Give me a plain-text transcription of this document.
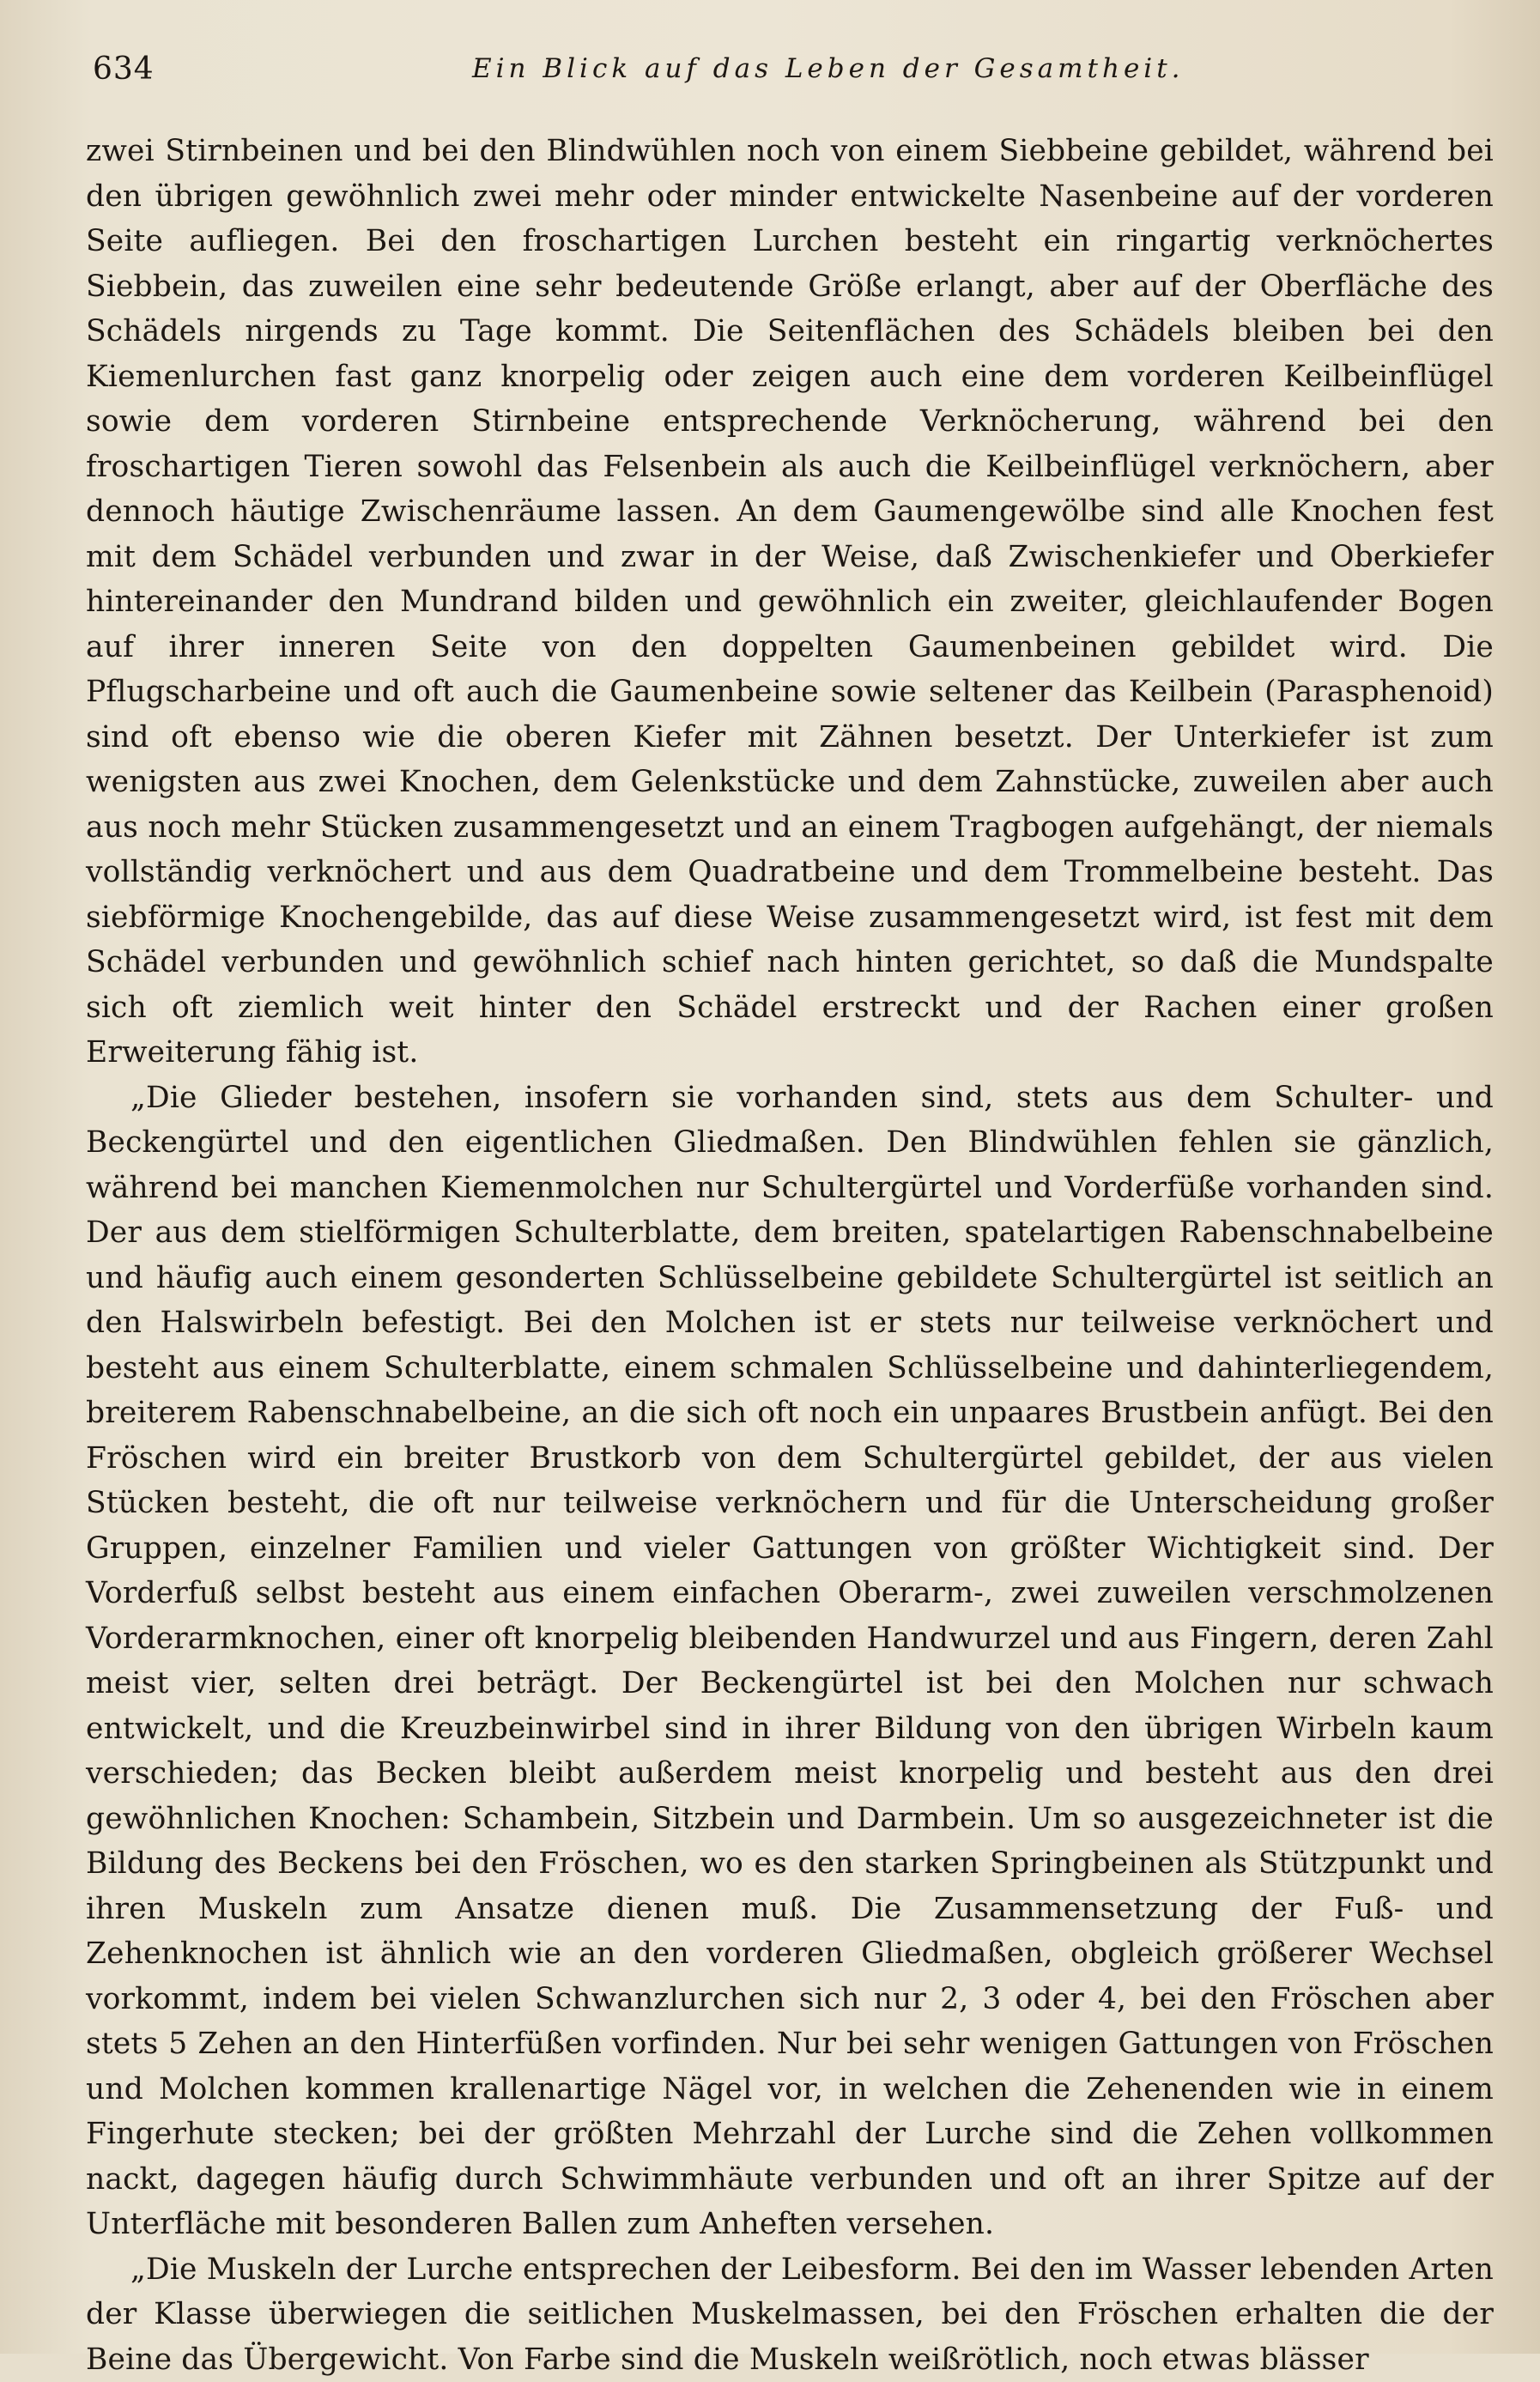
634	Ein Blick auf das Leben der Gesamtheit.

zwei Stirnbeinen und bei den Blindwühlen noch von einem Siebbeine gebildet, während bei den übrigen gewöhnlich zwei mehr oder minder entwickelte Nasenbeine auf der vorderen Seite aufliegen. Bei den froschartigen Lurchen besteht ein ringartig verknöchertes Siebbein, das zuweilen eine sehr bedeutende Größe erlangt, aber auf der Oberfläche des Schädels nirgends zu Tage kommt. Die Seitenflächen des Schädels bleiben bei den Kiemenlurchen fast ganz knorpelig oder zeigen auch eine dem vorderen Keilbeinflügel sowie dem vorderen Stirnbeine entsprechende Verknöcherung, während bei den froschartigen Tieren sowohl das Felsenbein als auch die Keilbeinflügel verknöchern, aber dennoch häutige Zwischenräume lassen. An dem Gaumengewölbe sind alle Knochen fest mit dem Schädel verbunden und zwar in der Weise, daß Zwischenkiefer und Oberkiefer hintereinander den Mundrand bilden und gewöhnlich ein zweiter, gleichlaufender Bogen auf ihrer inneren Seite von den doppelten Gaumenbeinen gebildet wird. Die Pflugscharbeine und oft auch die Gaumenbeine sowie seltener das Keilbein (Parasphenoid) sind oft ebenso wie die oberen Kiefer mit Zähnen besetzt. Der Unterkiefer ist zum wenigsten aus zwei Knochen, dem Gelenkstücke und dem Zahnstücke, zuweilen aber auch aus noch mehr Stücken zusammengesetzt und an einem Tragbogen aufgehängt, der niemals vollständig verknöchert und aus dem Quadratbeine und dem Trommelbeine besteht. Das siebförmige Knochengebilde, das auf diese Weise zusammengesetzt wird, ist fest mit dem Schädel verbunden und gewöhnlich schief nach hinten gerichtet, so daß die Mundspalte sich oft ziemlich weit hinter den Schädel erstreckt und der Rachen einer großen Erweiterung fähig ist.

„Die Glieder bestehen, insofern sie vorhanden sind, stets aus dem Schulter- und Beckengürtel und den eigentlichen Gliedmaßen. Den Blindwühlen fehlen sie gänzlich, während bei manchen Kiemenmolchen nur Schultergürtel und Vorderfüße vorhanden sind. Der aus dem stielförmigen Schulterblatte, dem breiten, spatelartigen Rabenschnabelbeine und häufig auch einem gesonderten Schlüsselbeine gebildete Schultergürtel ist seitlich an den Halswirbeln befestigt. Bei den Molchen ist er stets nur teilweise verknöchert und besteht aus einem Schulterblatte, einem schmalen Schlüsselbeine und dahinterliegendem, breiterem Rabenschnabelbeine, an die sich oft noch ein unpaares Brustbein anfügt. Bei den Fröschen wird ein breiter Brustkorb von dem Schultergürtel gebildet, der aus vielen Stücken besteht, die oft nur teilweise verknöchern und für die Unterscheidung großer Gruppen, einzelner Familien und vieler Gattungen von größter Wichtigkeit sind. Der Vorderfuß selbst besteht aus einem einfachen Oberarm-, zwei zuweilen verschmolzenen Vorderarmknochen, einer oft knorpelig bleibenden Handwurzel und aus Fingern, deren Zahl meist vier, selten drei beträgt. Der Beckengürtel ist bei den Molchen nur schwach entwickelt, und die Kreuzbeinwirbel sind in ihrer Bildung von den übrigen Wirbeln kaum verschieden; das Becken bleibt außerdem meist knorpelig und besteht aus den drei gewöhnlichen Knochen: Schambein, Sitzbein und Darmbein. Um so ausgezeichneter ist die Bildung des Beckens bei den Fröschen, wo es den starken Springbeinen als Stützpunkt und ihren Muskeln zum Ansatze dienen muß. Die Zusammensetzung der Fuß- und Zehenknochen ist ähnlich wie an den vorderen Gliedmaßen, obgleich größerer Wechsel vorkommt, indem bei vielen Schwanzlurchen sich nur 2, 3 oder 4, bei den Fröschen aber stets 5 Zehen an den Hinterfüßen vorfinden. Nur bei sehr wenigen Gattungen von Fröschen und Molchen kommen krallenartige Nägel vor, in welchen die Zehenenden wie in einem Fingerhute stecken; bei der größten Mehrzahl der Lurche sind die Zehen vollkommen nackt, dagegen häufig durch Schwimmhäute verbunden und oft an ihrer Spitze auf der Unterfläche mit besonderen Ballen zum Anheften versehen.

„Die Muskeln der Lurche entsprechen der Leibesform. Bei den im Wasser lebenden Arten der Klasse überwiegen die seitlichen Muskelmassen, bei den Fröschen erhalten die der Beine das Übergewicht. Von Farbe sind die Muskeln weißrötlich, noch etwas blässer
